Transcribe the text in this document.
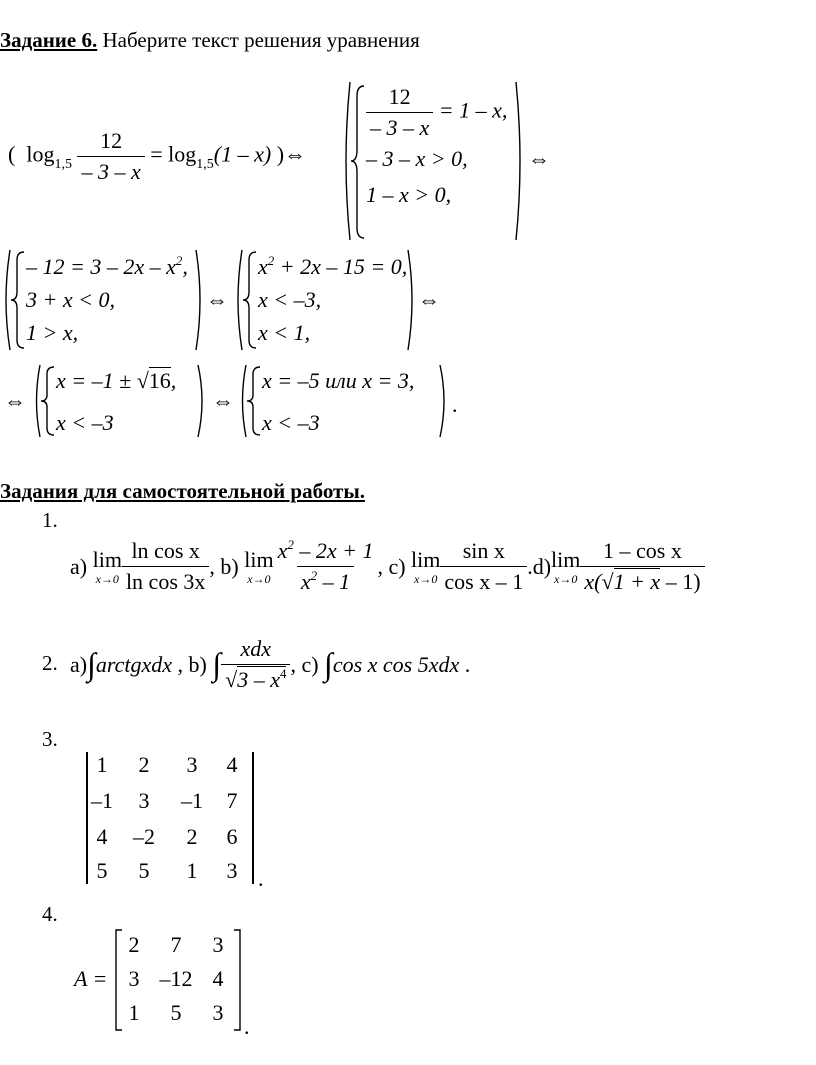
Задание 6. Наберите текст решения уравнения
( $\log_{1,5} \frac{12}{- 3 - x} = \log_{1,5}(1 - x)$ )⇔
$\frac{12}{- 3 - x} = 1 - x$,
– 3 – x > 0,
1 – x > 0,
⇔
– $12 = 3 - 2x - x^2$,
3 + x < 0,
1 > x,
⇔
$x^2 + 2x - 15 = 0$,
x < –3,
x < 1,
⇔
⇔
x = –1 ± √16,
x < –3
⇔
x = –5 или x = 3,
x < –3
.
Задания для самостоятельной работы.
1.
a)
lim
$x\to 0 \frac{\text{ln cos x}}{\text{ln cos 3x}}$ , b)
lim
$x\to 0 \frac{x^2 - 2x + 1}{x^2 - 1}$ , c)
lim
$x\to 0 \frac{\text{sin x}}{\text{cos x – 1}} .d$) lim
$x\to 0 \frac{\text{1 – cos x}}{x(√1 + x - 1)}$
2. a) ∫ arctgxdx
, b)
∫ $\frac{\text{xdx}}{√3 - x^4}$ , c)
∫ cos x cos 5xdx
.
3.
1	2	3	4
–1	3	–1	7
4	–2	2	6
5	5	1	3 .
4.
A =
2	7	3
3 –12 4
1	5	3
.
